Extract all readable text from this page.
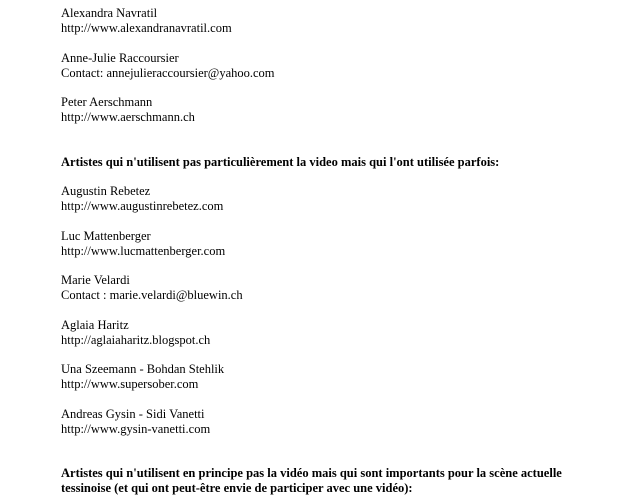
Alexandra Navratil
http://www.alexandranavratil.com
Anne-Julie Raccoursier
Contact: annejulieraccoursier@yahoo.com
Peter Aerschmann
http://www.aerschmann.ch
Artistes qui n'utilisent pas particulièrement la video mais qui l'ont utilisée parfois:
Augustin Rebetez
http://www.augustinrebetez.com
Luc Mattenberger
http://www.lucmattenberger.com
Marie Velardi
Contact : marie.velardi@bluewin.ch
Aglaia Haritz
http://aglaiaharitz.blogspot.ch
Una Szeemann - Bohdan Stehlik
http://www.supersober.com
Andreas Gysin - Sidi Vanetti
http://www.gysin-vanetti.com
Artistes qui n'utilisent en principe pas la vidéo mais qui sont importants pour la scène actuelle
tessinoise (et qui ont peut-être envie de participer avec une vidéo):
